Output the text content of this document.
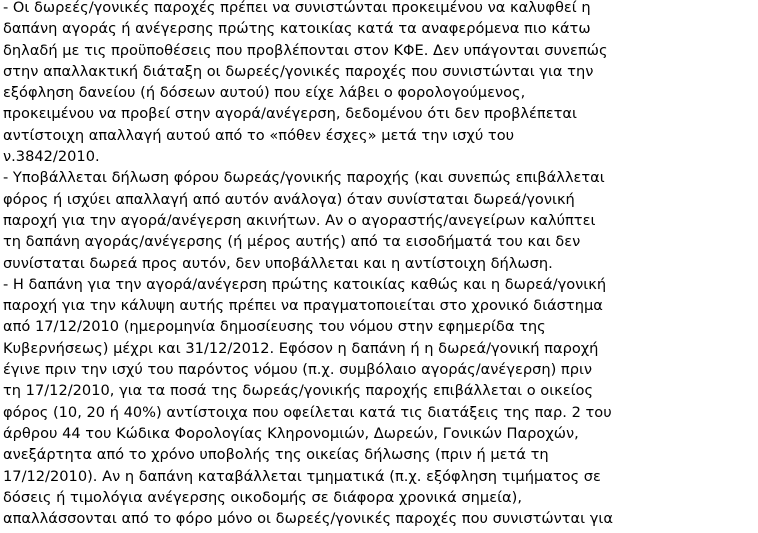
- Οι δωρεές/γονικές παροχές πρέπει να συνιστώνται προκειμένου να καλυφθεί η
δαπάνη αγοράς ή ανέγερσης πρώτης κατοικίας κατά τα αναφερόμενα πιο κάτω
δηλαδή με τις προϋποθέσεις που προβλέπονται στον ΚΦΕ. Δεν υπάγονται συνεπώς
στην απαλλακτική διάταξη οι δωρεές/γονικές παροχές που συνιστώνται για την
εξόφληση δανείου (ή δόσεων αυτού) που είχε λάβει ο φορολογούμενος,
προκειμένου να προβεί στην αγορά/ανέγερση, δεδομένου ότι δεν προβλέπεται
αντίστοιχη απαλλαγή αυτού από το «πόθεν έσχες» μετά την ισχύ του
ν.3842/2010.
- Υποβάλλεται δήλωση φόρου δωρεάς/γονικής παροχής (και συνεπώς επιβάλλεται
φόρος ή ισχύει απαλλαγή από αυτόν ανάλογα) όταν συνίσταται δωρεά/γονική
παροχή για την αγορά/ανέγερση ακινήτων. Αν ο αγοραστής/ανεγείρων καλύπτει
τη δαπάνη αγοράς/ανέγερσης (ή μέρος αυτής) από τα εισοδήματά του και δεν
συνίσταται δωρεά προς αυτόν, δεν υποβάλλεται και η αντίστοιχη δήλωση.
- Η δαπάνη για την αγορά/ανέγερση πρώτης κατοικίας καθώς και η δωρεά/γονική
παροχή για την κάλυψη αυτής πρέπει να πραγματοποιείται στο χρονικό διάστημα
από 17/12/2010 (ημερομηνία δημοσίευσης του νόμου στην εφημερίδα της
Κυβερνήσεως) μέχρι και 31/12/2012. Εφόσον η δαπάνη ή η δωρεά/γονική παροχή
έγινε πριν την ισχύ του παρόντος νόμου (π.χ. συμβόλαιο αγοράς/ανέγερση) πριν
τη 17/12/2010, για τα ποσά της δωρεάς/γονικής παροχής επιβάλλεται ο οικείος
φόρος (10, 20 ή 40%) αντίστοιχα που οφείλεται κατά τις διατάξεις της παρ. 2 του
άρθρου 44 του Κώδικα Φορολογίας Κληρονομιών, Δωρεών, Γονικών Παροχών,
ανεξάρτητα από το χρόνο υποβολής της οικείας δήλωσης (πριν ή μετά τη
17/12/2010). Αν η δαπάνη καταβάλλεται τμηματικά (π.χ. εξόφληση τιμήματος σε
δόσεις ή τιμολόγια ανέγερσης οικοδομής σε διάφορα χρονικά σημεία),
απαλλάσσονται από το φόρο μόνο οι δωρεές/γονικές παροχές που συνιστώνται για
